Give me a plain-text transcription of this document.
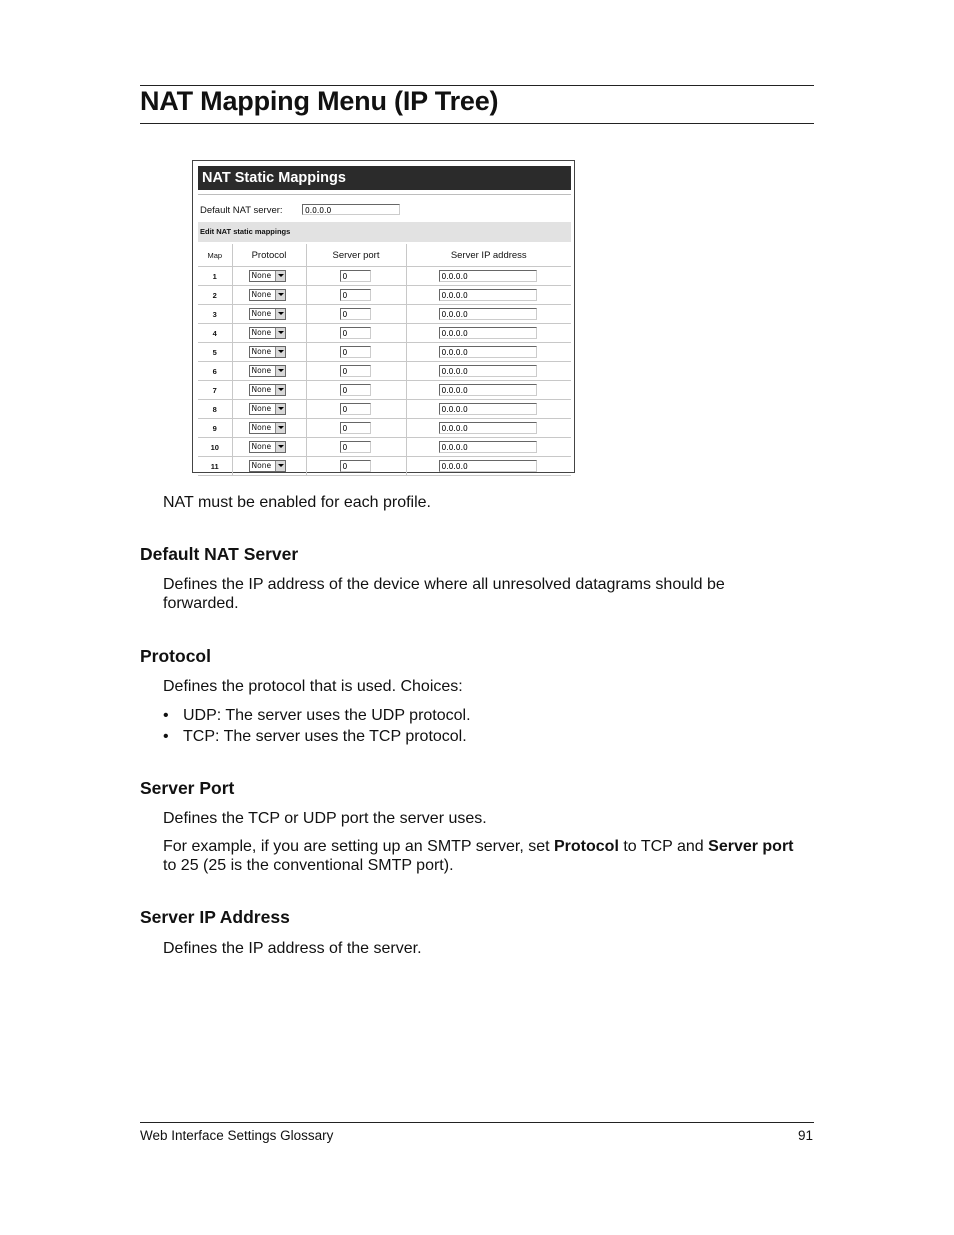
NAT Mapping Menu (IP Tree)
NAT Static Mappings
Default NAT server:	0.0.0.0
Edit NAT static mappings
Map	Protocol	Server port	Server IP address
1	None	0	0.0.0.0

2	None	0	0.0.0.0

3	None	0	0.0.0.0

4	None	0	0.0.0.0

5	None	0	0.0.0.0

6	None	0	0.0.0.0

7	None	0	0.0.0.0

8	None	0	0.0.0.0

9	None	0	0.0.0.0

10	None	0	0.0.0.0

11	None	0	0.0.0.0

NAT must be enabled for each profile.

Default NAT Server

Defines the IP address of the device where all unresolved datagrams should be forwarded.

Protocol

Defines the protocol that is used. Choices:

• UDP: The server uses the UDP protocol.
• TCP: The server uses the TCP protocol.
Server Port

Defines the TCP or UDP port the server uses.

For example, if you are setting up an SMTP server, set Protocol to TCP and Server port to 25 (25 is the conventional SMTP port).

Server IP Address

Defines the IP address of the server.

Web Interface Settings Glossary	91
